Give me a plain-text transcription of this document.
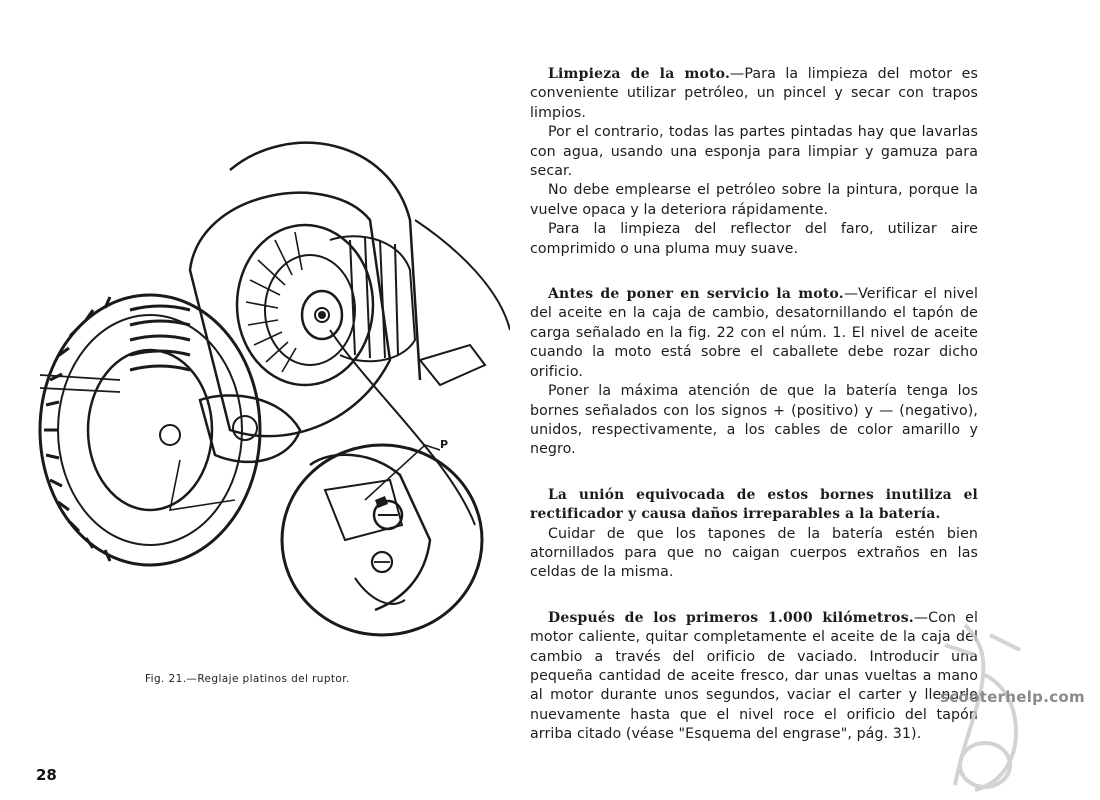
P
Fig. 21.—Reglaje platinos del ruptor.
28

Limpieza de la moto.—Para la limpieza del motor es conveniente utilizar petróleo, un pincel y secar con trapos limpios.

Por el contrario, todas las partes pintadas hay que lavarlas con agua, usando una esponja para limpiar y gamuza para secar.

No debe emplearse el petróleo sobre la pintura, porque la vuelve opaca y la deteriora rápidamente.

Para la limpieza del reflector del faro, utilizar aire comprimido o una pluma muy suave.

Antes de poner en servicio la moto.—Verificar el nivel del aceite en la caja de cambio, desatornillando el tapón de carga señalado en la fig. 22 con el núm. 1. El nivel de aceite cuando la moto está sobre el caballete debe rozar dicho orificio.

Poner la máxima atención de que la batería tenga los bornes señalados con los signos + (positivo) y — (negativo), unidos, respectivamente, a los cables de color amarillo y negro.

La unión equivocada de estos bornes inutiliza el rectificador y causa daños irreparables a la batería.

Cuidar de que los tapones de la batería estén bien atornillados para que no caigan cuerpos extraños en las celdas de la misma.

Después de los primeros 1.000 kilómetros.—Con el motor caliente, quitar completamente el aceite de la caja del cambio a través del orificio de vaciado. Introducir una pequeña cantidad de aceite fresco, dar unas vueltas a mano al motor durante unos segundos, vaciar el carter y llenarlo nuevamente hasta que el nivel roce el orificio del tapón arriba citado (véase "Esquema del engrase", pág. 31).

scooterhelp.com
